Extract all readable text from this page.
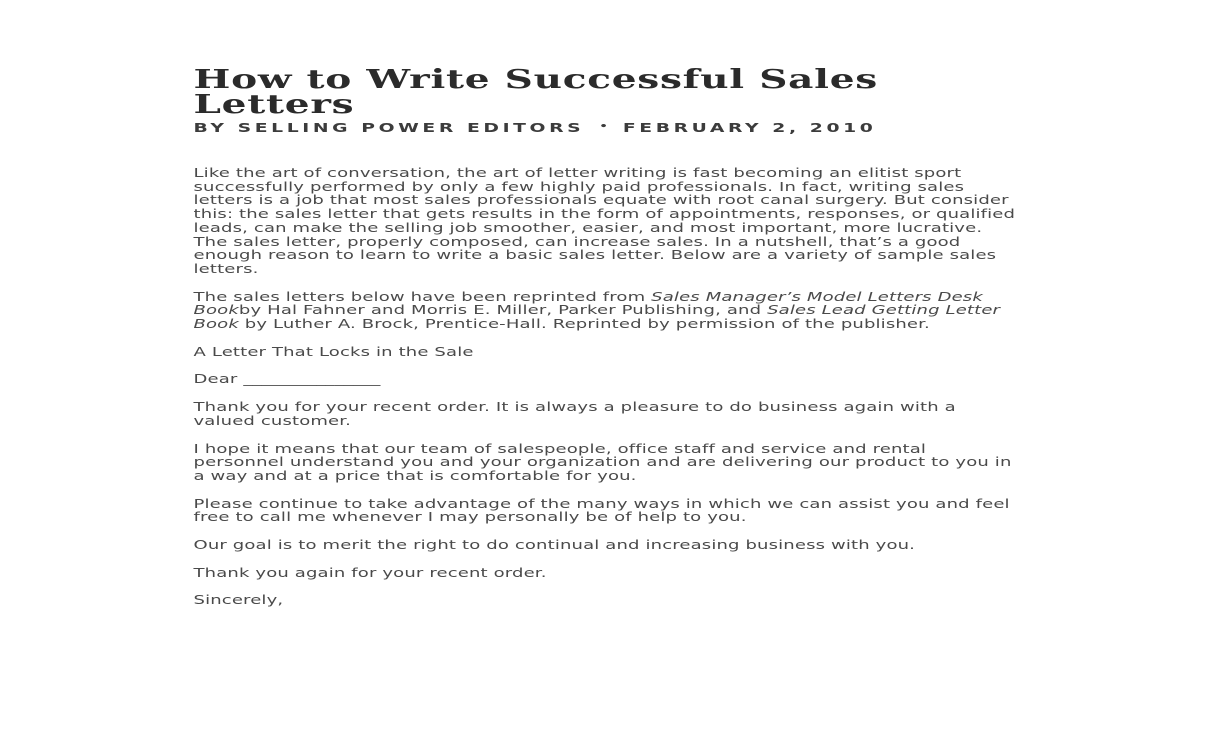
How to Write Successful Sales Letters
BY SELLING POWER EDITORS • FEBRUARY 2, 2010

Like the art of conversation, the art of letter writing is fast becoming an elitist sport successfully performed by only a few highly paid professionals. In fact, writing sales letters is a job that most sales professionals equate with root canal surgery. But consider this: the sales letter that gets results in the form of appointments, responses, or qualified leads, can make the selling job smoother, easier, and most important, more lucrative. The sales letter, properly composed, can increase sales. In a nutshell, that’s a good enough reason to learn to write a basic sales letter. Below are a variety of sample sales letters.

The sales letters below have been reprinted from Sales Manager’s Model Letters Desk Bookby Hal Fahner and Morris E. Miller, Parker Publishing, and Sales Lead Getting Letter Book by Luther A. Brock, Prentice-Hall. Reprinted by permission of the publisher.

A Letter That Locks in the Sale

Dear _______________

Thank you for your recent order. It is always a pleasure to do business again with a valued customer.

I hope it means that our team of salespeople, office staff and service and rental personnel understand you and your organization and are delivering our product to you in a way and at a price that is comfortable for you.

Please continue to take advantage of the many ways in which we can assist you and feel free to call me whenever I may personally be of help to you.

Our goal is to merit the right to do continual and increasing business with you.

Thank you again for your recent order.

Sincerely,
